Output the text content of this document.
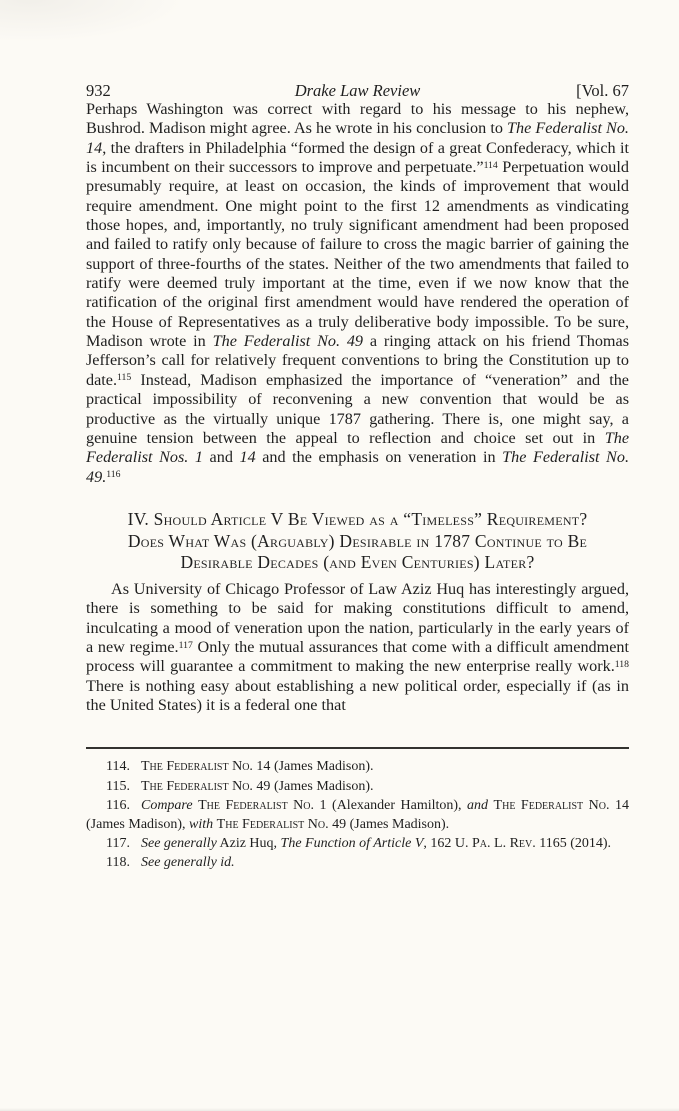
932	Drake Law Review	[Vol. 67

Perhaps Washington was correct with regard to his message to his nephew, Bushrod. Madison might agree. As he wrote in his conclusion to The Federalist No. 14, the drafters in Philadelphia “formed the design of a great Confederacy, which it is incumbent on their successors to improve and perpetuate.”$^{114}$ Perpetuation would presumably require, at least on occasion, the kinds of improvement that would require amendment. One might point to the first 12 amendments as vindicating those hopes, and, importantly, no truly significant amendment had been proposed and failed to ratify only because of failure to cross the magic barrier of gaining the support of three-fourths of the states. Neither of the two amendments that failed to ratify were deemed truly important at the time, even if we now know that the ratification of the original first amendment would have rendered the operation of the House of Representatives as a truly deliberative body impossible. To be sure, Madison wrote in The Federalist No. 49 a ringing attack on his friend Thomas Jefferson’s call for relatively frequent conventions to bring the Constitution up to date.$^{115}$ Instead, Madison emphasized the importance of “veneration” and the practical impossibility of reconvening a new convention that would be as productive as the virtually unique 1787 gathering. There is, one might say, a genuine tension between the appeal to reflection and choice set out in The Federalist Nos. 1 and 14 and the emphasis on veneration in The Federalist No. 49.$^{116}$

IV. Should Article V Be Viewed as a “Timeless” Requirement?
Does What Was (Arguably) Desirable in 1787 Continue to Be
Desirable Decades (and Even Centuries) Later?

As University of Chicago Professor of Law Aziz Huq has interestingly argued, there is something to be said for making constitutions difficult to amend, inculcating a mood of veneration upon the nation, particularly in the early years of a new regime.$^{117}$ Only the mutual assurances that come with a difficult amendment process will guarantee a commitment to making the new enterprise really work.$^{118}$ There is nothing easy about establishing a new political order, especially if (as in the United States) it is a federal one that

114. The Federalist No. 14 (James Madison).

115. The Federalist No. 49 (James Madison).

116. Compare The Federalist No. 1 (Alexander Hamilton), and The Federalist No. 14 (James Madison), with The Federalist No. 49 (James Madison).

117. See generally Aziz Huq, The Function of Article V, 162 U. Pa. L. Rev. 1165 (2014).

118. See generally id.
